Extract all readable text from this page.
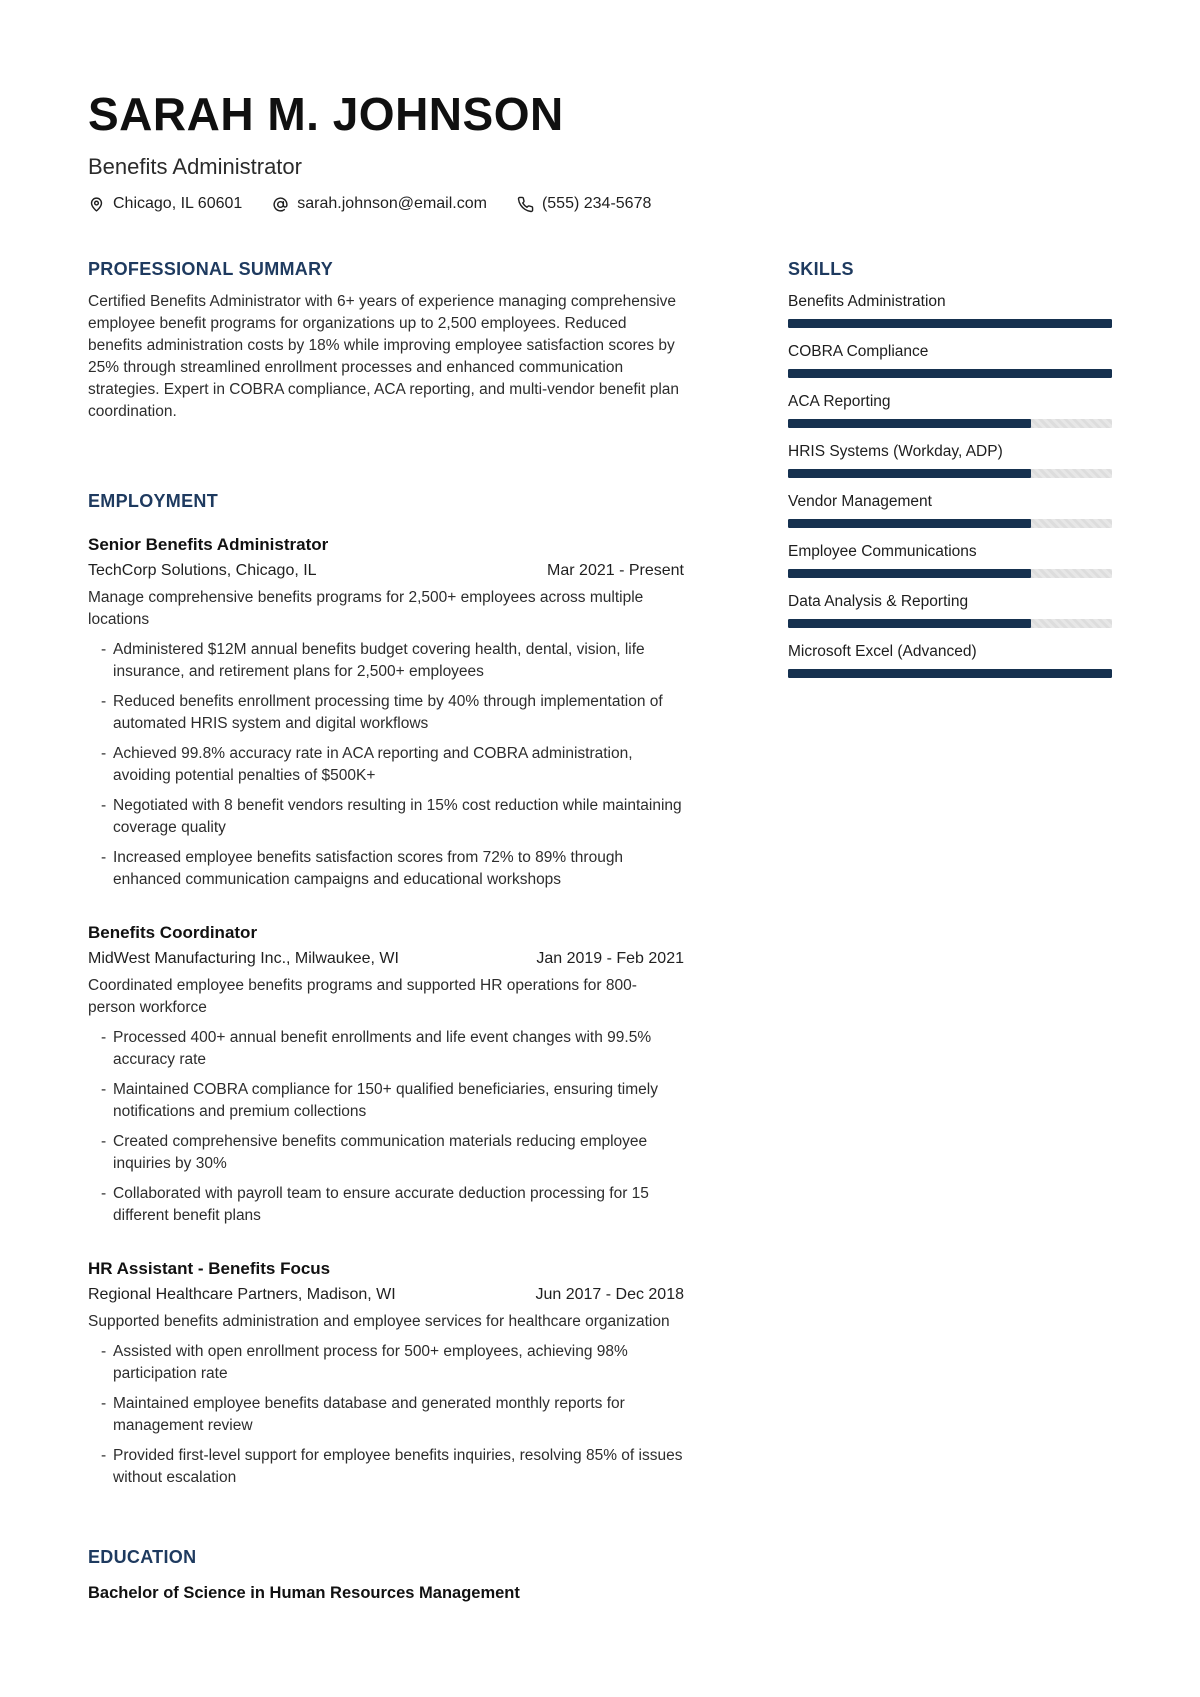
SARAH M. JOHNSON
Benefits Administrator
Chicago, IL 60601	sarah.johnson@email.com	(555) 234-5678
PROFESSIONAL SUMMARY

Certified Benefits Administrator with 6+ years of experience managing comprehensive employee benefit programs for organizations up to 2,500 employees. Reduced benefits administration costs by 18% while improving employee satisfaction scores by 25% through streamlined enrollment processes and enhanced communication strategies. Expert in COBRA compliance, ACA reporting, and multi-vendor benefit plan coordination.

EMPLOYMENT
Senior Benefits Administrator
TechCorp Solutions, Chicago, IL	Mar 2021 - Present
Manage comprehensive benefits programs for 2,500+ employees across multiple locations
- Administered $12M annual benefits budget covering health, dental, vision, life insurance, and retirement plans for 2,500+ employees
- Reduced benefits enrollment processing time by 40% through implementation of automated HRIS system and digital workflows
- Achieved 99.8% accuracy rate in ACA reporting and COBRA administration, avoiding potential penalties of $500K+
- Negotiated with 8 benefit vendors resulting in 15% cost reduction while maintaining coverage quality
- Increased employee benefits satisfaction scores from 72% to 89% through enhanced communication campaigns and educational workshops
Benefits Coordinator
MidWest Manufacturing Inc., Milwaukee, WI	Jan 2019 - Feb 2021
Coordinated employee benefits programs and supported HR operations for 800-person workforce
- Processed 400+ annual benefit enrollments and life event changes with 99.5% accuracy rate
- Maintained COBRA compliance for 150+ qualified beneficiaries, ensuring timely notifications and premium collections
- Created comprehensive benefits communication materials reducing employee inquiries by 30%
- Collaborated with payroll team to ensure accurate deduction processing for 15 different benefit plans
HR Assistant - Benefits Focus
Regional Healthcare Partners, Madison, WI	Jun 2017 - Dec 2018
Supported benefits administration and employee services for healthcare organization
- Assisted with open enrollment process for 500+ employees, achieving 98% participation rate
- Maintained employee benefits database and generated monthly reports for management review
- Provided first-level support for employee benefits inquiries, resolving 85% of issues without escalation
EDUCATION
Bachelor of Science in Human Resources Management
SKILLS
Benefits Administration
COBRA Compliance
ACA Reporting
HRIS Systems (Workday, ADP)
Vendor Management
Employee Communications
Data Analysis & Reporting
Microsoft Excel (Advanced)
